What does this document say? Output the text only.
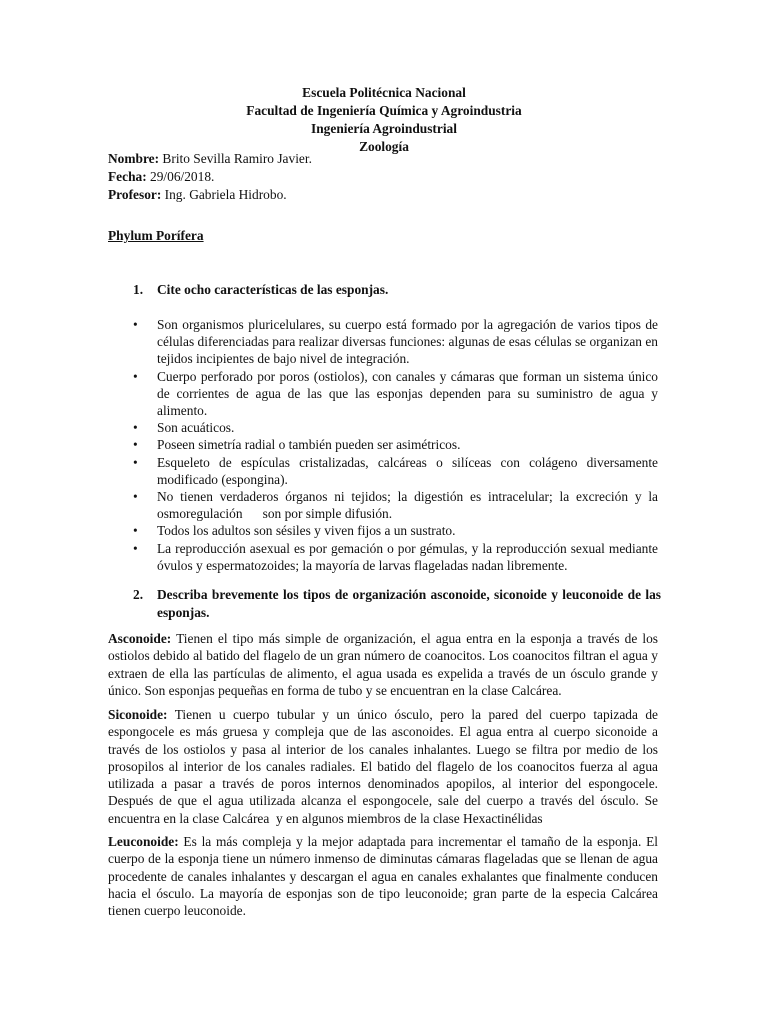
Escuela Politécnica Nacional
Facultad de Ingeniería Química y Agroindustria
Ingeniería Agroindustrial
Zoología
Nombre: Brito Sevilla Ramiro Javier.
Fecha: 29/06/2018.
Profesor: Ing. Gabriela Hidrobo.
Phylum Porífera
1.	Cite ocho características de las esponjas.
• Son organismos pluricelulares, su cuerpo está formado por la agregación de varios tipos de células diferenciadas para realizar diversas funciones: algunas de esas células se organizan en tejidos incipientes de bajo nivel de integración.
• Cuerpo perforado por poros (ostiolos), con canales y cámaras que forman un sistema único de corrientes de agua de las que las esponjas dependen para su suministro de agua y alimento.
• Son acuáticos.
• Poseen simetría radial o también pueden ser asimétricos.
• Esqueleto de espículas cristalizadas, calcáreas o silíceas con colágeno diversamente modificado (espongina).
• No tienen verdaderos órganos ni tejidos; la digestión es intracelular; la excreción y la osmoregulación      son por simple difusión.
• Todos los adultos son sésiles y viven fijos a un sustrato.
• La reproducción asexual es por gemación o por gémulas, y la reproducción sexual mediante óvulos y espermatozoides; la mayoría de larvas flageladas nadan libremente.
2.	Describa brevemente los tipos de organización asconoide, siconoide y leuconoide de las esponjas.
Asconoide: Tienen el tipo más simple de organización, el agua entra en la esponja a través de los ostiolos debido al batido del flagelo de un gran número de coanocitos. Los coanocitos filtran el agua y extraen de ella las partículas de alimento, el agua usada es expelida a través de un ósculo grande y único. Son esponjas pequeñas en forma de tubo y se encuentran en la clase Calcárea.
Siconoide: Tienen u cuerpo tubular y un único ósculo, pero la pared del cuerpo tapizada de espongocele es más gruesa y compleja que de las asconoides. El agua entra al cuerpo siconoide a través de los ostiolos y pasa al interior de los canales inhalantes. Luego se filtra por medio de los prosopilos al interior de los canales radiales. El batido del flagelo de los coanocitos fuerza al agua utilizada a pasar a través de poros internos denominados apopilos, al interior del espongocele. Después de que el agua utilizada alcanza el espongocele, sale del cuerpo a través del ósculo. Se encuentra en la clase Calcárea  y en algunos miembros de la clase Hexactinélidas
Leuconoide: Es la más compleja y la mejor adaptada para incrementar el tamaño de la esponja. El cuerpo de la esponja tiene un número inmenso de diminutas cámaras flageladas que se llenan de agua procedente de canales inhalantes y descargan el agua en canales exhalantes que finalmente conducen hacia el ósculo. La mayoría de esponjas son de tipo leuconoide; gran parte de la especia Calcárea tienen cuerpo leuconoide.
